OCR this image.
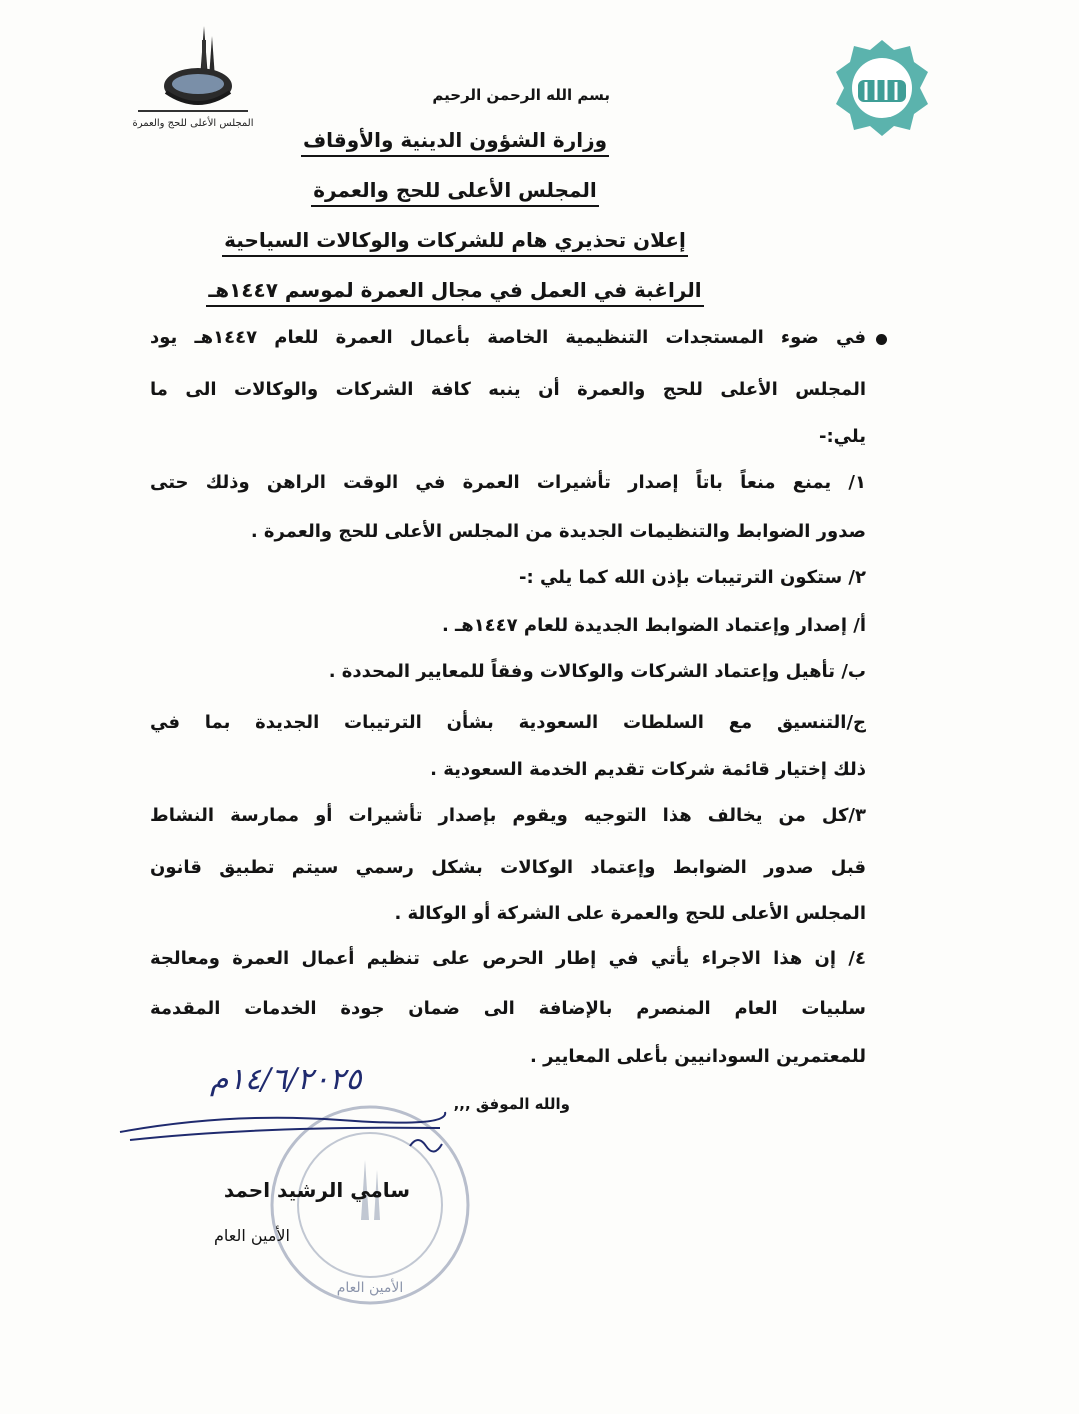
المجلس الأعلى للحج والعمرة
بسم الله الرحمن الرحيم
وزارة الشؤون الدينية والأوقاف
المجلس الأعلى للحج والعمرة
إعلان تحذيري هام للشركات والوكالات السياحية
الراغبة في العمل في مجال العمرة لموسم ١٤٤٧هـ
في ضوء المستجدات التنظيمية الخاصة بأعمال العمرة للعام ١٤٤٧هـ يود
المجلس الأعلى للحج والعمرة أن ينبه كافة الشركات والوكالات الى ما
يلي:-
١/ يمنع منعاً باتاً إصدار تأشيرات العمرة في الوقت الراهن وذلك حتى
صدور الضوابط والتنظيمات الجديدة من المجلس الأعلى للحج والعمرة .
٢/ ستكون الترتيبات بإذن الله كما يلي :-
أ/ إصدار وإعتماد الضوابط الجديدة للعام ١٤٤٧هـ .
ب/ تأهيل وإعتماد الشركات والوكالات وفقاً للمعايير المحددة .
ج/التنسيق مع السلطات السعودية بشأن الترتيبات الجديدة بما في
ذلك إختيار قائمة شركات تقديم الخدمة السعودية .
٣/كل من يخالف هذا التوجيه ويقوم بإصدار تأشيرات أو ممارسة النشاط
قبل صدور الضوابط وإعتماد الوكالات بشكل رسمي سيتم تطبيق قانون
المجلس الأعلى للحج والعمرة على الشركة أو الوكالة .
٤/ إن هذا الاجراء يأتي في إطار الحرص على تنظيم أعمال العمرة ومعالجة
سلبيات العام المنصرم بالإضافة الى ضمان جودة الخدمات المقدمة
للمعتمرين السودانيين بأعلى المعايير .
والله الموفق ,,,
١٤/٦/٢٠٢٥م
الأمين العام
سامي الرشيد احمد
الأمين العام
